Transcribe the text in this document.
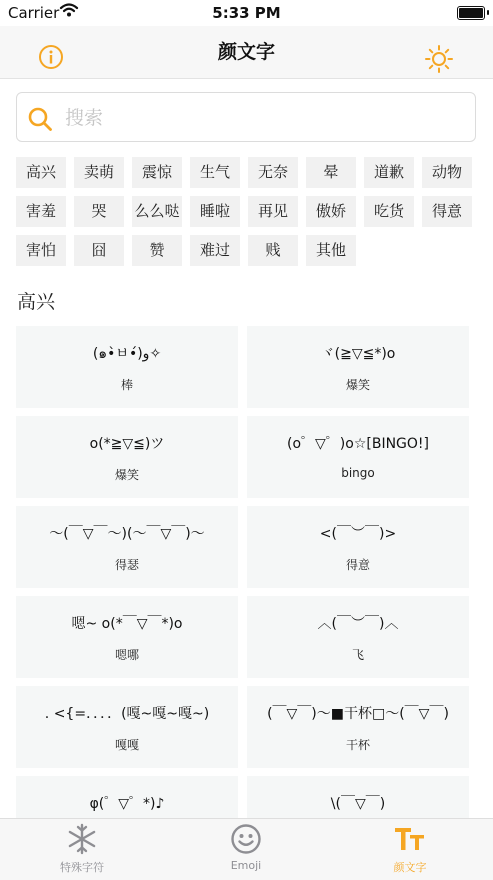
Carrier	5:33 PM
颜文字
搜索
高兴	卖萌	震惊	生气	无奈	晕	道歉	动物
害羞	哭	么么哒	睡啦	再见	傲娇	吃货	得意
害怕	囧	赞	难过	贱	其他
高兴
(๑•̀ㅂ•́)و✧
棒
ヾ(≧▽≦*)o
爆笑
o(*≧▽≦)ツ
爆笑
(o゜▽゜)o☆[BINGO!]
bingo
～(￣▽￣～)(～￣▽￣)～
得瑟
<(￣︶￣)>
得意
嗯~ o(*￣▽￣*)o
嗯哪
︿(￣︶￣)︿
飞
. <{=．．．．(嘎~嘎~嘎~)
嘎嘎
(￣▽￣)～■干杯□～(￣▽￣)
干杯
φ(゜▽゜*)♪	\(￣▽￣)
特殊字符	Emoji	颜文字
